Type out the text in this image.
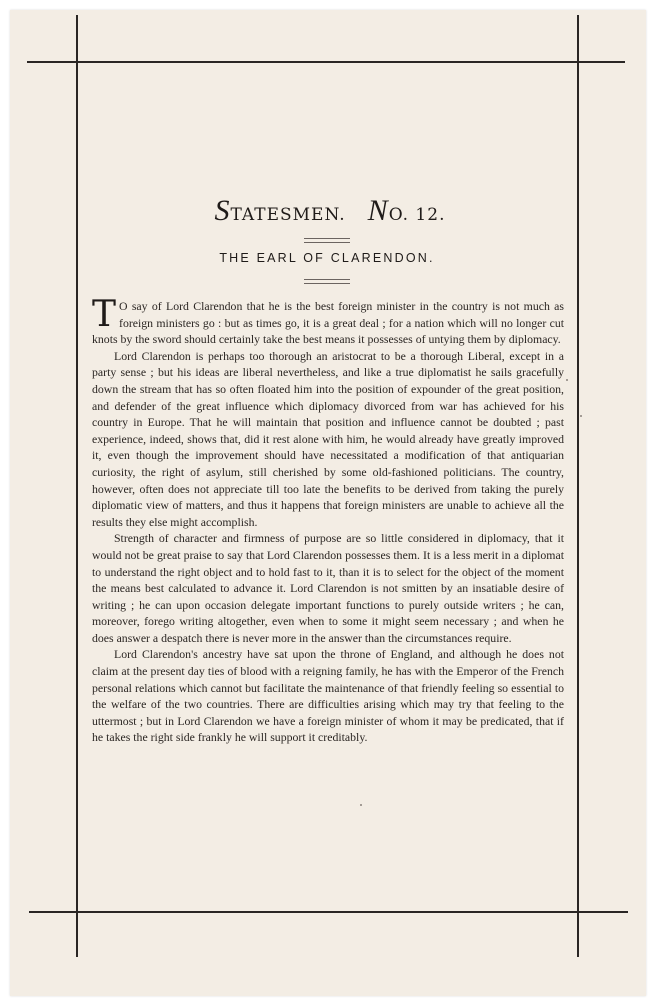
STATESMEN. NO. 12.
THE EARL OF CLARENDON.

T O say of Lord Clarendon that he is the best foreign minister in the country is not much as foreign ministers go : but as times go, it is a great deal ; for a nation which will no longer cut knots by the sword should certainly take the best means it possesses of untying them by diplomacy.

Lord Clarendon is perhaps too thorough an aristocrat to be a thorough Liberal, except in a party sense ; but his ideas are liberal nevertheless, and like a true diplomatist he sails gracefully down the stream that has so often floated him into the position of expounder of the great position, and defender of the great influence which diplomacy divorced from war has achieved for his country in Europe. That he will maintain that position and influence cannot be doubted ; past experience, indeed, shows that, did it rest alone with him, he would already have greatly improved it, even though the improvement should have necessitated a modification of that antiquarian curiosity, the right of asylum, still cherished by some old-fashioned politicians. The country, however, often does not appreciate till too late the benefits to be derived from taking the purely diplomatic view of matters, and thus it happens that foreign ministers are unable to achieve all the results they else might accomplish.

Strength of character and firmness of purpose are so little considered in diplomacy, that it would not be great praise to say that Lord Clarendon possesses them. It is a less merit in a diplomat to understand the right object and to hold fast to it, than it is to select for the object of the moment the means best calculated to advance it. Lord Clarendon is not smitten by an insatiable desire of writing ; he can upon occasion delegate important functions to purely outside writers ; he can, moreover, forego writing altogether, even when to some it might seem necessary ; and when he does answer a despatch there is never more in the answer than the circumstances require.

Lord Clarendon's ancestry have sat upon the throne of England, and although he does not claim at the present day ties of blood with a reigning family, he has with the Emperor of the French personal relations which cannot but facilitate the maintenance of that friendly feeling so essential to the welfare of the two countries. There are difficulties arising which may try that feeling to the uttermost ; but in Lord Clarendon we have a foreign minister of whom it may be predicated, that if he takes the right side frankly he will support it creditably.
